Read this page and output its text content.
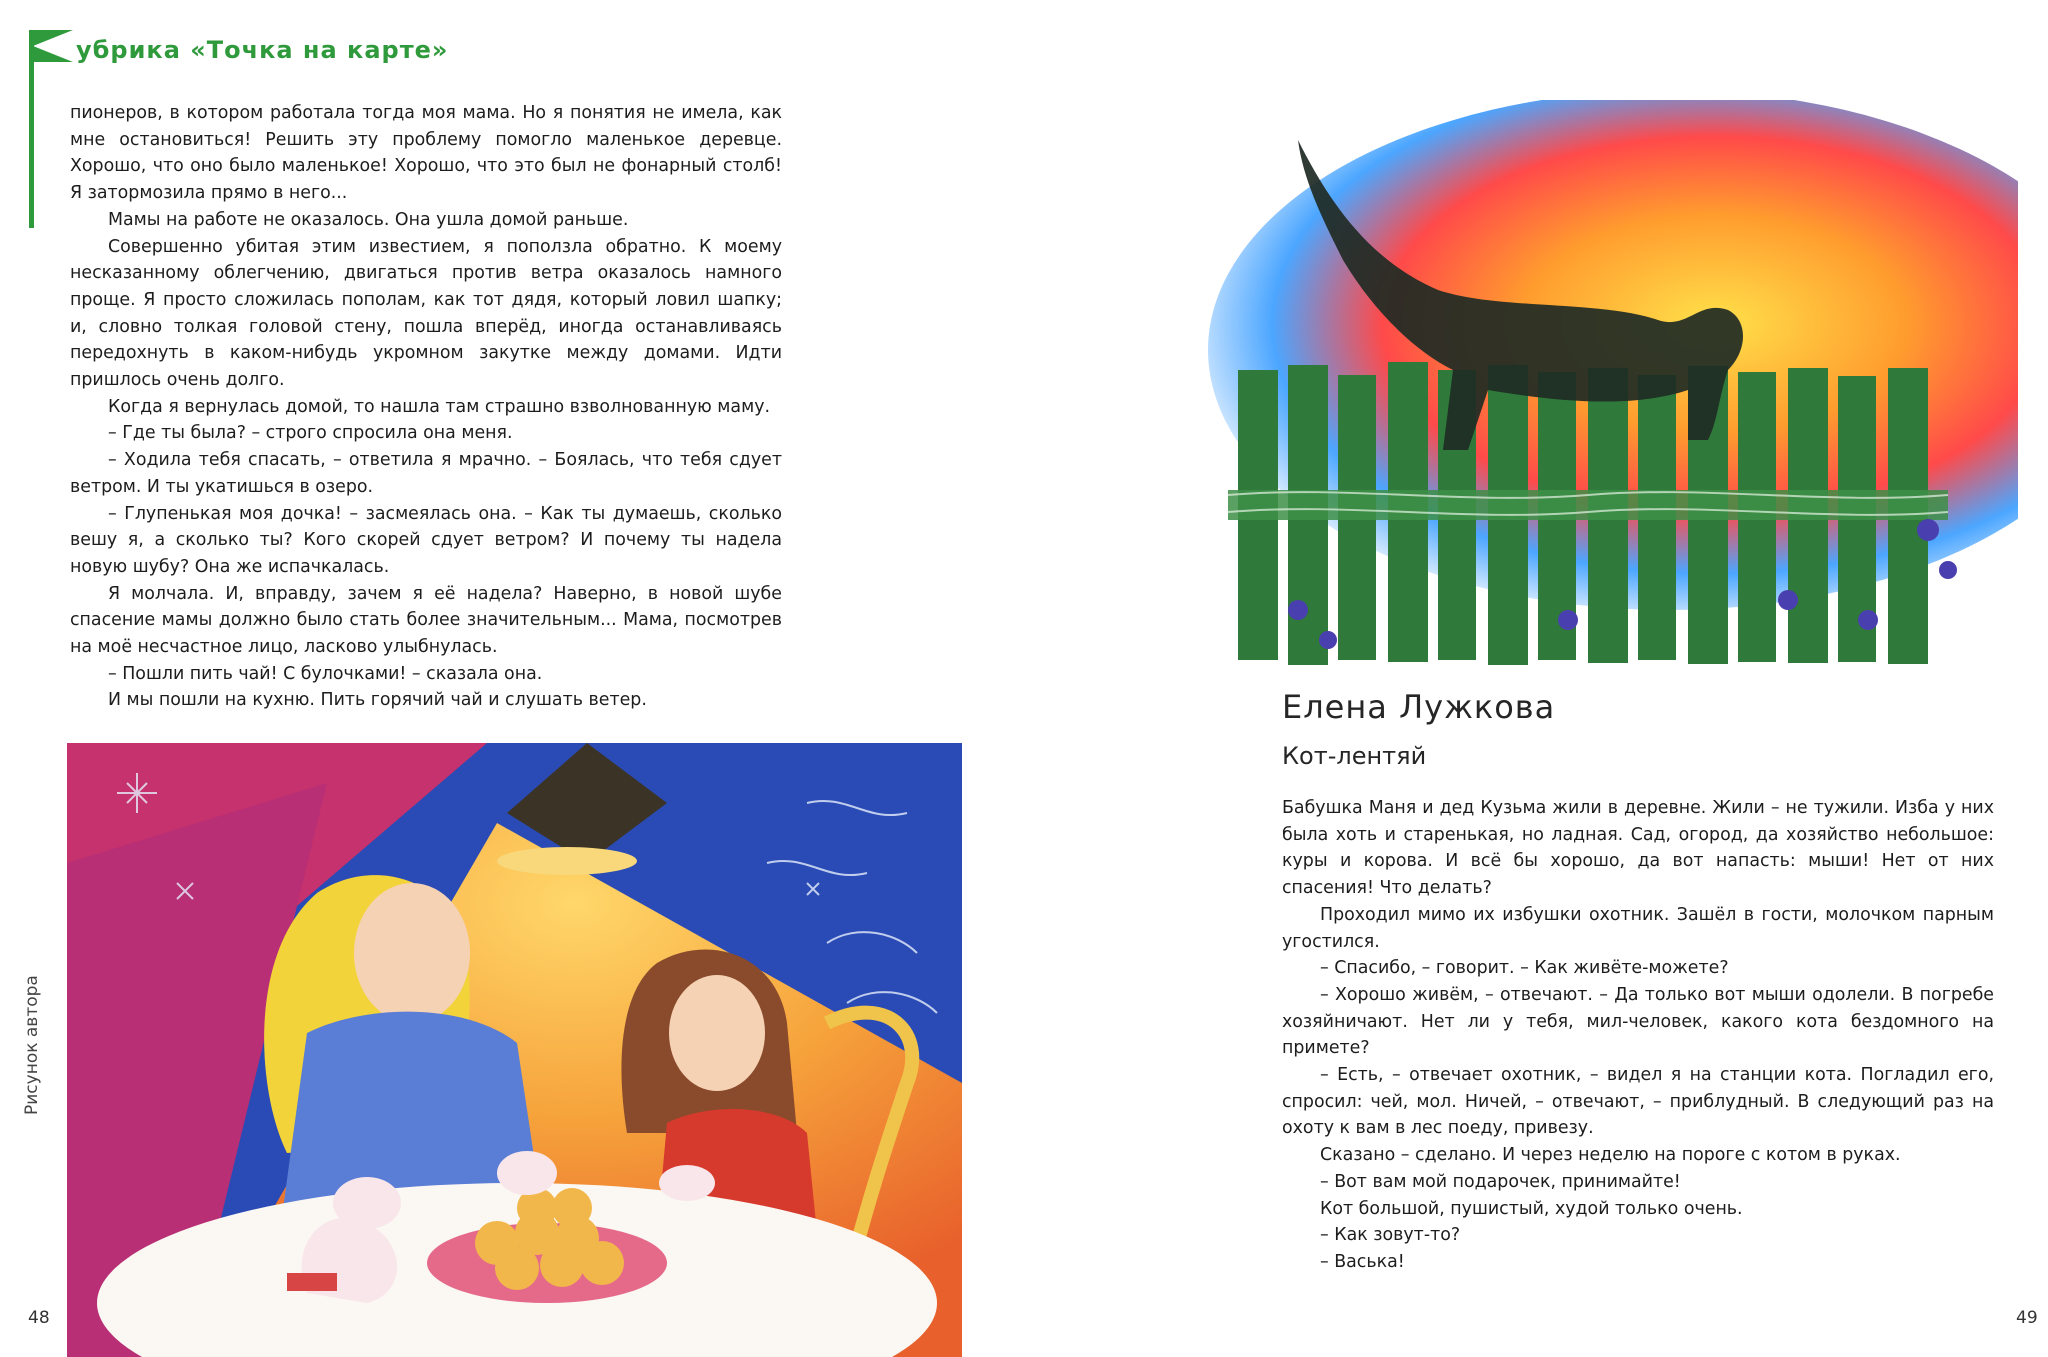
убрика «Точка на карте»

пионеров, в котором работала тогда моя мама. Но я понятия не имела, как мне остановиться! Решить эту проблему помогло маленькое деревце. Хорошо, что оно было маленькое! Хорошо, что это был не фонарный столб! Я затормозила прямо в него...

Мамы на работе не оказалось. Она ушла домой раньше.

Совершенно убитая этим известием, я поползла обратно. К моему несказанному облегчению, двигаться против ветра оказалось намного проще. Я просто сложилась пополам, как тот дядя, который ловил шапку; и, словно толкая головой стену, пошла вперёд, иногда останавливаясь передохнуть в каком-нибудь укромном закутке между домами. Идти пришлось очень долго.

Когда я вернулась домой, то нашла там страшно взволнованную маму.

– Где ты была? – строго спросила она меня.

– Ходила тебя спасать, – ответила я мрачно. – Боялась, что тебя сдует ветром. И ты укатишься в озеро.

– Глупенькая моя дочка! – засмеялась она. – Как ты думаешь, сколько вешу я, а сколько ты? Кого скорей сдует ветром? И почему ты надела новую шубу? Она же испачкалась.

Я молчала. И, вправду, зачем я её надела? Наверно, в новой шубе спасение мамы должно было стать более значительным... Мама, посмотрев на моё несчастное лицо, ласково улыбнулась.

– Пошли пить чай! С булочками! – сказала она.

И мы пошли на кухню. Пить горячий чай и слушать ветер.

Рисунок автора
48
Елена Лужкова
Кот-лентяй

Бабушка Маня и дед Кузьма жили в деревне. Жили – не тужили. Изба у них была хоть и старенькая, но ладная. Сад, огород, да хозяйство небольшое: куры и корова. И всё бы хорошо, да вот напасть: мыши! Нет от них спасения! Что делать?

Проходил мимо их избушки охотник. Зашёл в гости, молочком парным угостился.

– Спасибо, – говорит. – Как живёте-можете?

– Хорошо живём, – отвечают. – Да только вот мыши одолели. В погребе хозяйничают. Нет ли у тебя, мил-человек, какого кота бездомного на примете?

– Есть, – отвечает охотник, – видел я на станции кота. Погладил его, спросил: чей, мол. Ничей, – отвечают, – приблудный. В следующий раз на охоту к вам в лес поеду, привезу.

Сказано – сделано. И через неделю на пороге с котом в руках.

– Вот вам мой подарочек, принимайте!

Кот большой, пушистый, худой только очень.

– Как зовут-то?

– Васька!

49
